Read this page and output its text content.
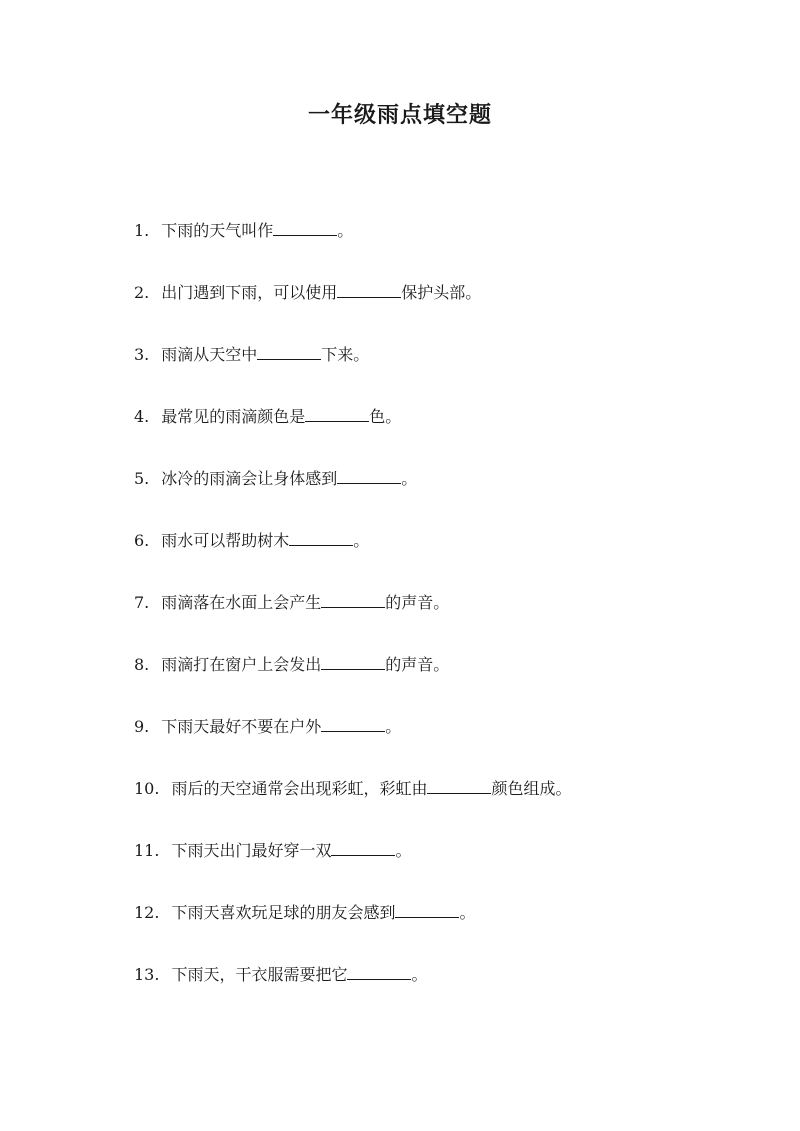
一年级雨点填空题
1. 下雨的天气叫作	。
2. 出门遇到下雨，可以使用	保护头部。
3. 雨滴从天空中	下来。
4. 最常见的雨滴颜色是	色。
5. 冰冷的雨滴会让身体感到	。
6. 雨水可以帮助树木	。
7. 雨滴落在水面上会产生	的声音。
8. 雨滴打在窗户上会发出	的声音。
9. 下雨天最好不要在户外	。
10. 雨后的天空通常会出现彩虹，彩虹由	颜色组成。
11. 下雨天出门最好穿一双	。
12. 下雨天喜欢玩足球的朋友会感到	。
13. 下雨天，干衣服需要把它	。
